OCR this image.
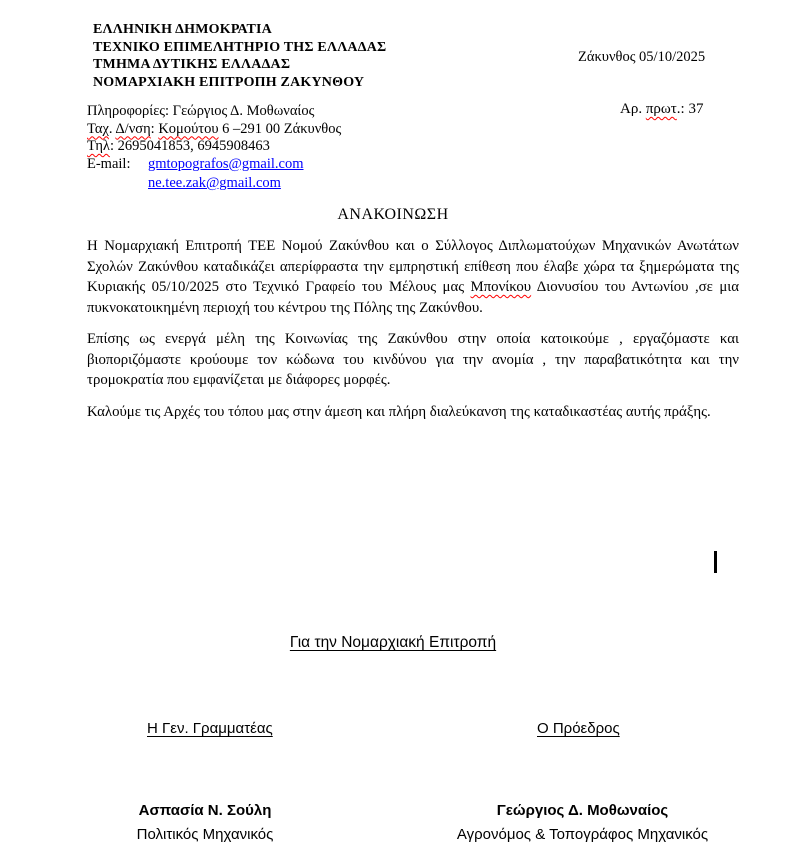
ΕΛΛΗΝΙΚΗ ΔΗΜΟΚΡΑΤΙΑ
ΤΕΧΝΙΚΟ ΕΠΙΜΕΛΗΤΗΡΙΟ ΤΗΣ ΕΛΛΑΔΑΣ
ΤΜΗΜΑ ΔΥΤΙΚΗΣ ΕΛΛΑΔΑΣ
ΝΟΜΑΡΧΙΑΚΗ ΕΠΙΤΡΟΠΗ ΖΑΚΥΝΘΟΥ
Ζάκυνθος 05/10/2025
Αρ. πρωτ.: 37
Πληροφορίες: Γεώργιος Δ. Μοθωναίος
Ταχ. Δ/νση: Κομούτου 6 –291 00 Ζάκυνθος
Τηλ: 2695041853, 6945908463
E-mail: gmtopografos@gmail.com
ne.tee.zak@gmail.com
ΑΝΑΚΟΙΝΩΣΗ

Η Νομαρχιακή Επιτροπή ΤΕΕ Νομού Ζακύνθου και ο Σύλλογος Διπλωματούχων Μηχανικών Ανωτάτων Σχολών Ζακύνθου καταδικάζει απερίφραστα την εμπρηστική επίθεση που έλαβε χώρα τα ξημερώματα της Κυριακής 05/10/2025 στο Τεχνικό Γραφείο του Μέλους μας Μπονίκου Διονυσίου του Αντωνίου ,σε μια πυκνοκατοικημένη περιοχή του κέντρου της Πόλης της Ζακύνθου.

Επίσης ως ενεργά μέλη της Κοινωνίας της Ζακύνθου στην οποία κατοικούμε , εργαζόμαστε και βιοποριζόμαστε κρούουμε τον κώδωνα του κινδύνου για την ανομία , την παραβατικότητα και την τρομοκρατία που εμφανίζεται με διάφορες μορφές.

Καλούμε τις Αρχές του τόπου μας στην άμεση και πλήρη διαλεύκανση της καταδικαστέας αυτής πράξης.

Για την Νομαρχιακή Επιτροπή
Η Γεν. Γραμματέας	Ο Πρόεδρος
Ασπασία Ν. Σούλη
Πολιτικός Μηχανικός
Γεώργιος Δ. Μοθωναίος
Αγρονόμος & Τοπογράφος Μηχανικός
